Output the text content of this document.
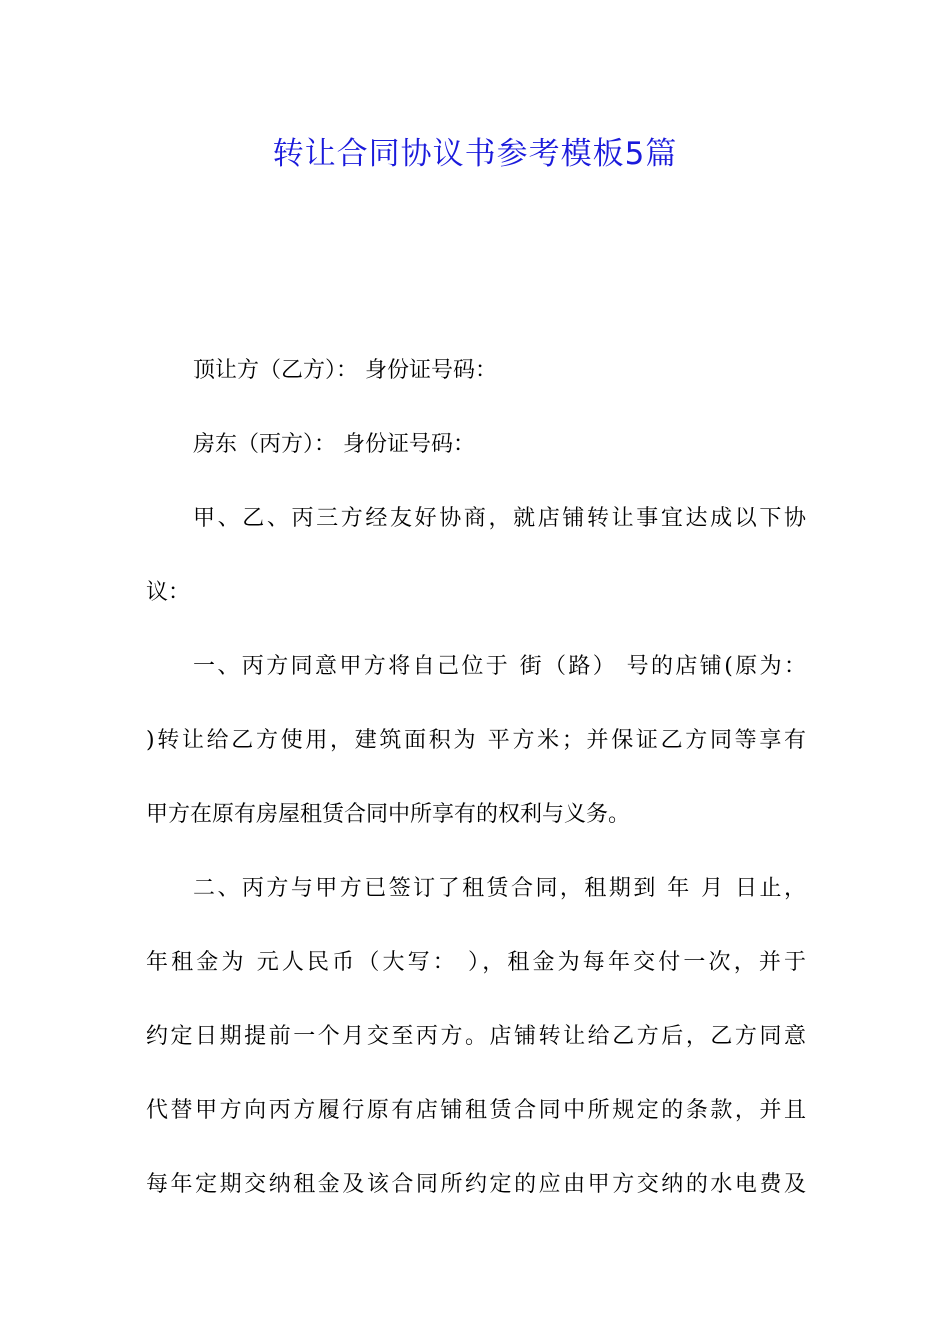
转让合同协议书参考模板5篇
顶让方（乙方）： 身份证号码：
房东（丙方）： 身份证号码：
甲、乙、丙三方经友好协商，就店铺转让事宜达成以下协
议：
一、丙方同意甲方将自己位于 街（路） 号的店铺(原为：
)转让给乙方使用，建筑面积为 平方米；并保证乙方同等享有
甲方在原有房屋租赁合同中所享有的权利与义务。
二、丙方与甲方已签订了租赁合同，租期到 年 月 日止，
年租金为 元人民币（大写： ），租金为每年交付一次，并于
约定日期提前一个月交至丙方。店铺转让给乙方后，乙方同意
代替甲方向丙方履行原有店铺租赁合同中所规定的条款，并且
每年定期交纳租金及该合同所约定的应由甲方交纳的水电费及
